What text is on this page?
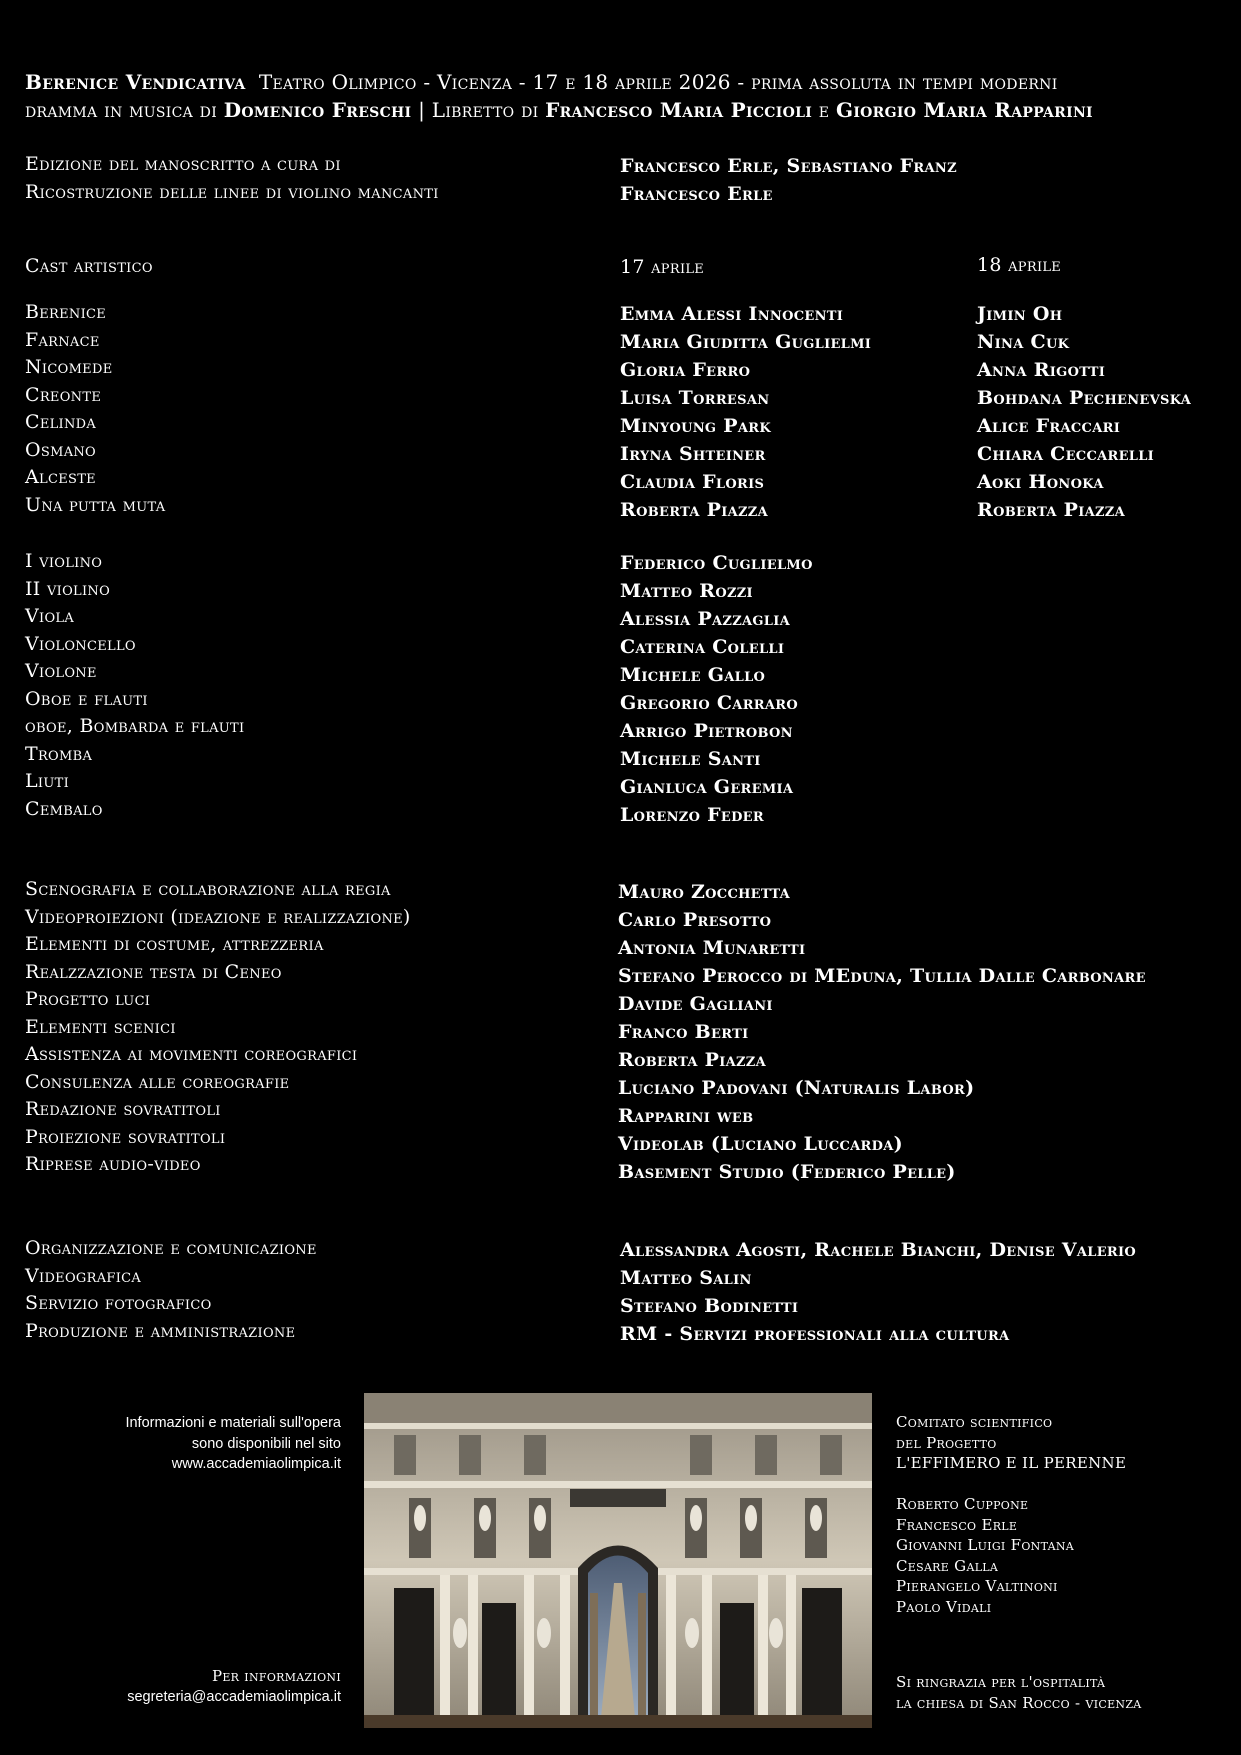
Berenice Vendicativa Teatro Olimpico - Vicenza - 17 e 18 aprile 2026 - prima assoluta in tempi moderni
dramma in musica di Domenico Freschi | Libretto di Francesco Maria Piccioli e Giorgio Maria Rapparini
Edizione del manoscritto a cura di
Ricostruzione delle linee di violino mancanti
Francesco Erle, Sebastiano Franz
Francesco Erle
Cast artistico	17 aprile	18 aprile
Berenice
Farnace
Nicomede
Creonte
Celinda
Osmano
Alceste
Una putta muta
Emma Alessi Innocenti
Maria Giuditta Guglielmi
Gloria Ferro
Luisa Torresan
Minyoung Park
Iryna Shteiner
Claudia Floris
Roberta Piazza
Jimin Oh
Nina Cuk
Anna Rigotti
Bohdana Pechenevska
Alice Fraccari
Chiara Ceccarelli
Aoki Honoka
Roberta Piazza
I violino
II violino
Viola
Violoncello
Violone
Oboe e flauti
oboe, Bombarda e flauti
Tromba
Liuti
Cembalo
Federico Cuglielmo
Matteo Rozzi
Alessia Pazzaglia
Caterina Colelli
Michele Gallo
Gregorio Carraro
Arrigo Pietrobon
Michele Santi
Gianluca Geremia
Lorenzo Feder
Scenografia e collaborazione alla regia
Videoproiezioni (ideazione e realizzazione)
Elementi di costume, attrezzeria
Realzzazione testa di Ceneo
Progetto luci
Elementi scenici
Assistenza ai movimenti coreografici
Consulenza alle coreografie
Redazione sovratitoli
Proiezione sovratitoli
Riprese audio-video
Mauro Zocchetta
Carlo Presotto
Antonia Munaretti
Stefano Perocco di MEduna, Tullia Dalle Carbonare
Davide Gagliani
Franco Berti
Roberta Piazza
Luciano Padovani (Naturalis Labor)
Rapparini web
Videolab (Luciano Luccarda)
Basement Studio (Federico Pelle)
Organizzazione e comunicazione
Videografica
Servizio fotografico
Produzione e amministrazione
Alessandra Agosti, Rachele Bianchi, Denise Valerio
Matteo Salin
Stefano Bodinetti
RM - Servizi professionali alla cultura
Informazioni e materiali sull'opera
sono disponibili nel sito
www.accademiaolimpica.it
Per informazioni
segreteria@accademiaolimpica.it
Comitato scientifico
del Progetto
L'EFFIMERO E IL PERENNE
Roberto Cuppone
Francesco Erle
Giovanni Luigi Fontana
Cesare Galla
Pierangelo Valtinoni
Paolo Vidali
Si ringrazia per l'ospitalità
la chiesa di San Rocco - vicenza
